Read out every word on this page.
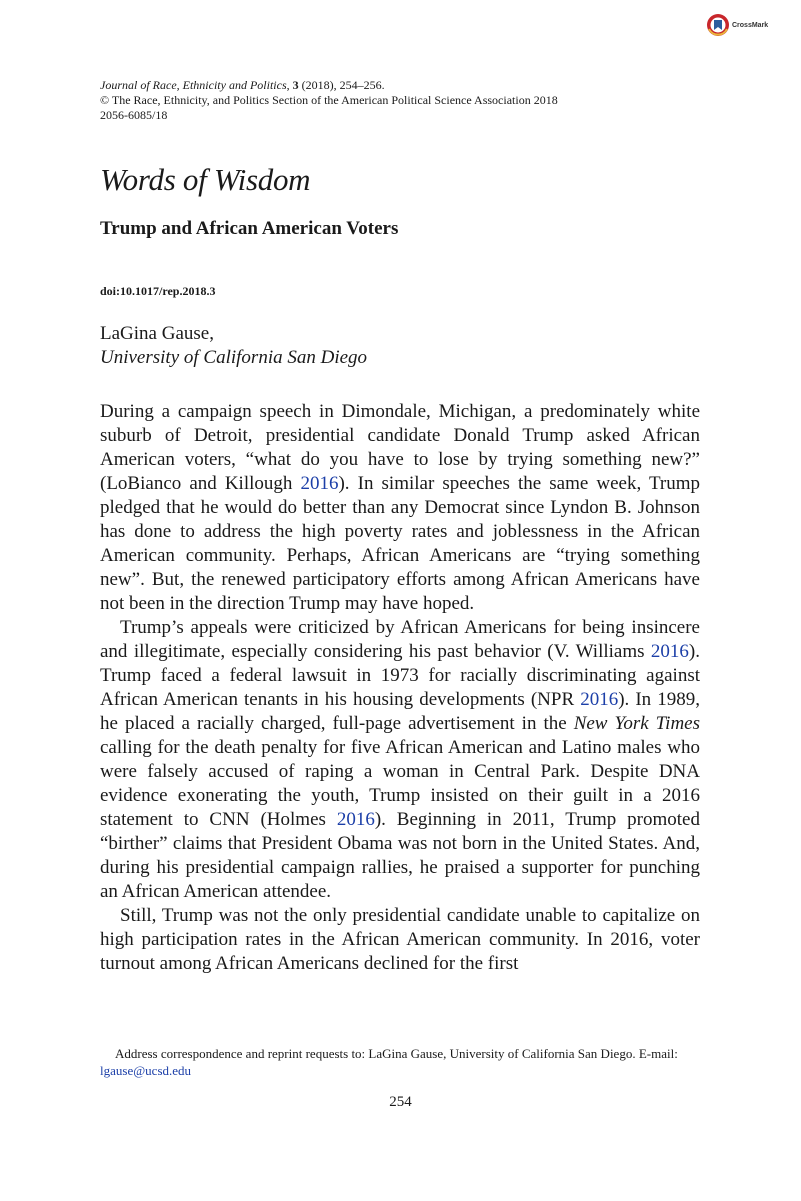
CrossMark
Journal of Race, Ethnicity and Politics, 3 (2018), 254–256.
© The Race, Ethnicity, and Politics Section of the American Political Science Association 2018
2056-6085/18
Words of Wisdom
Trump and African American Voters
doi:10.1017/rep.2018.3
LaGina Gause,
University of California San Diego

During a campaign speech in Dimondale, Michigan, a predominately white suburb of Detroit, presidential candidate Donald Trump asked African American voters, “what do you have to lose by trying something new?” (LoBianco and Killough 2016). In similar speeches the same week, Trump pledged that he would do better than any Democrat since Lyndon B. Johnson has done to address the high poverty rates and joblessness in the African American community. Perhaps, African Americans are “trying something new”. But, the renewed participatory efforts among African Americans have not been in the direction Trump may have hoped.

Trump’s appeals were criticized by African Americans for being insincere and illegitimate, especially considering his past behavior (V. Williams 2016). Trump faced a federal lawsuit in 1973 for racially discriminating against African American tenants in his housing developments (NPR 2016). In 1989, he placed a racially charged, full-page advertisement in the New York Times calling for the death penalty for five African American and Latino males who were falsely accused of raping a woman in Central Park. Despite DNA evidence exonerating the youth, Trump insisted on their guilt in a 2016 statement to CNN (Holmes 2016). Beginning in 2011, Trump promoted “birther” claims that President Obama was not born in the United States. And, during his presidential campaign rallies, he praised a supporter for punching an African American attendee.

Still, Trump was not the only presidential candidate unable to capitalize on high participation rates in the African American community. In 2016, voter turnout among African Americans declined for the first

Address correspondence and reprint requests to: LaGina Gause, University of California San Diego. E-mail: lgause@ucsd.edu
254
